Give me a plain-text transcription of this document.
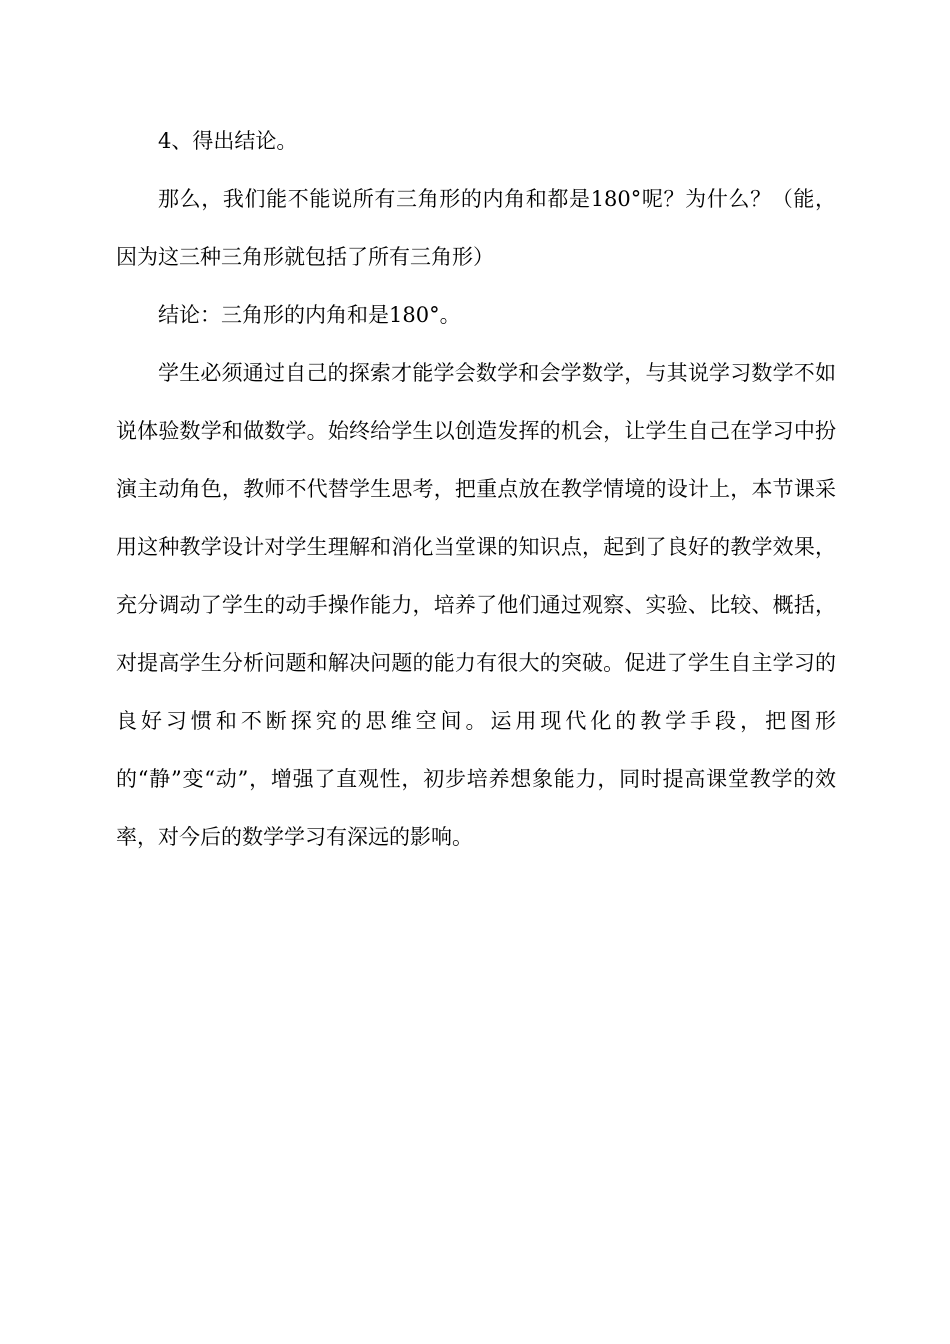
4、得出结论。

那么，我们能不能说所有三角形的内角和都是180°呢？为什么？（能，因为这三种三角形就包括了所有三角形）

结论：三角形的内角和是180°。

学生必须通过自己的探索才能学会数学和会学数学，与其说学习数学不如说体验数学和做数学。始终给学生以创造发挥的机会，让学生自己在学习中扮演主动角色，教师不代替学生思考，把重点放在教学情境的设计上，本节课采用这种教学设计对学生理解和消化当堂课的知识点，起到了良好的教学效果，充分调动了学生的动手操作能力，培养了他们通过观察、实验、比较、概括，对提高学生分析问题和解决问题的能力有很大的突破。促进了学生自主学习的良好习惯和不断探究的思维空间。运用现代化的教学手段，把图形的“静”变“动”，增强了直观性，初步培养想象能力，同时提高课堂教学的效率，对今后的数学学习有深远的影响。
